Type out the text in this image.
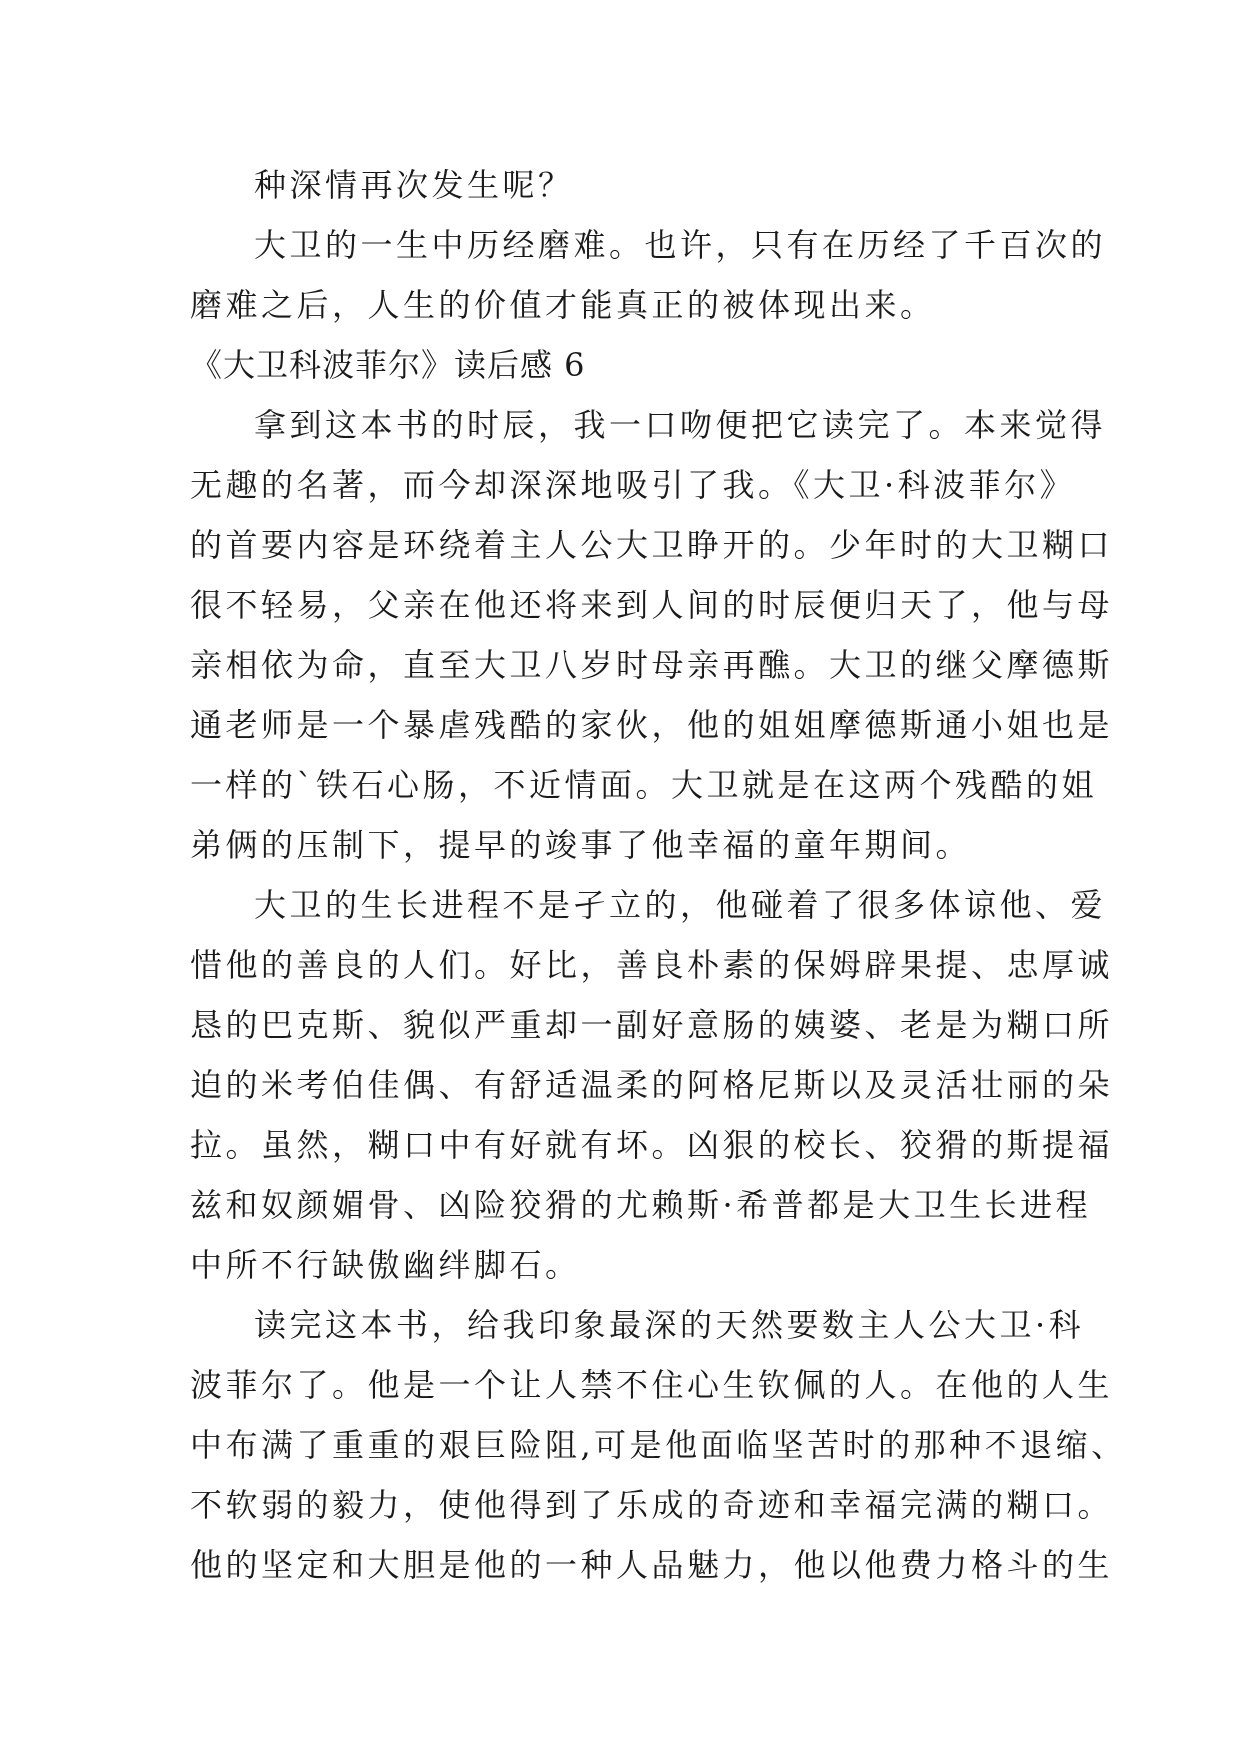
种深情再次发生呢？
大卫的一生中历经磨难。也许，只有在历经了千百次的
磨难之后，人生的价值才能真正的被体现出来。
《大卫科波菲尔》读后感 6
拿到这本书的时辰，我一口吻便把它读完了。本来觉得
无趣的名著，而今却深深地吸引了我。《大卫·科波菲尔》
的首要内容是环绕着主人公大卫睁开的。少年时的大卫糊口
很不轻易，父亲在他还将来到人间的时辰便归天了，他与母
亲相依为命，直至大卫八岁时母亲再醮。大卫的继父摩德斯
通老师是一个暴虐残酷的家伙，他的姐姐摩德斯通小姐也是
一样的`铁石心肠，不近情面。大卫就是在这两个残酷的姐
弟俩的压制下，提早的竣事了他幸福的童年期间。
大卫的生长进程不是孑立的，他碰着了很多体谅他、爱
惜他的善良的人们。好比，善良朴素的保姆辟果提、忠厚诚
恳的巴克斯、貌似严重却一副好意肠的姨婆、老是为糊口所
迫的米考伯佳偶、有舒适温柔的阿格尼斯以及灵活壮丽的朵
拉。虽然，糊口中有好就有坏。凶狠的校长、狡猾的斯提福
兹和奴颜媚骨、凶险狡猾的尤赖斯·希普都是大卫生长进程
中所不行缺傲幽绊脚石。
读完这本书，给我印象最深的天然要数主人公大卫·科
波菲尔了。他是一个让人禁不住心生钦佩的人。在他的人生
中布满了重重的艰巨险阻,可是他面临坚苦时的那种不退缩、
不软弱的毅力，使他得到了乐成的奇迹和幸福完满的糊口。
他的坚定和大胆是他的一种人品魅力，他以他费力格斗的生
